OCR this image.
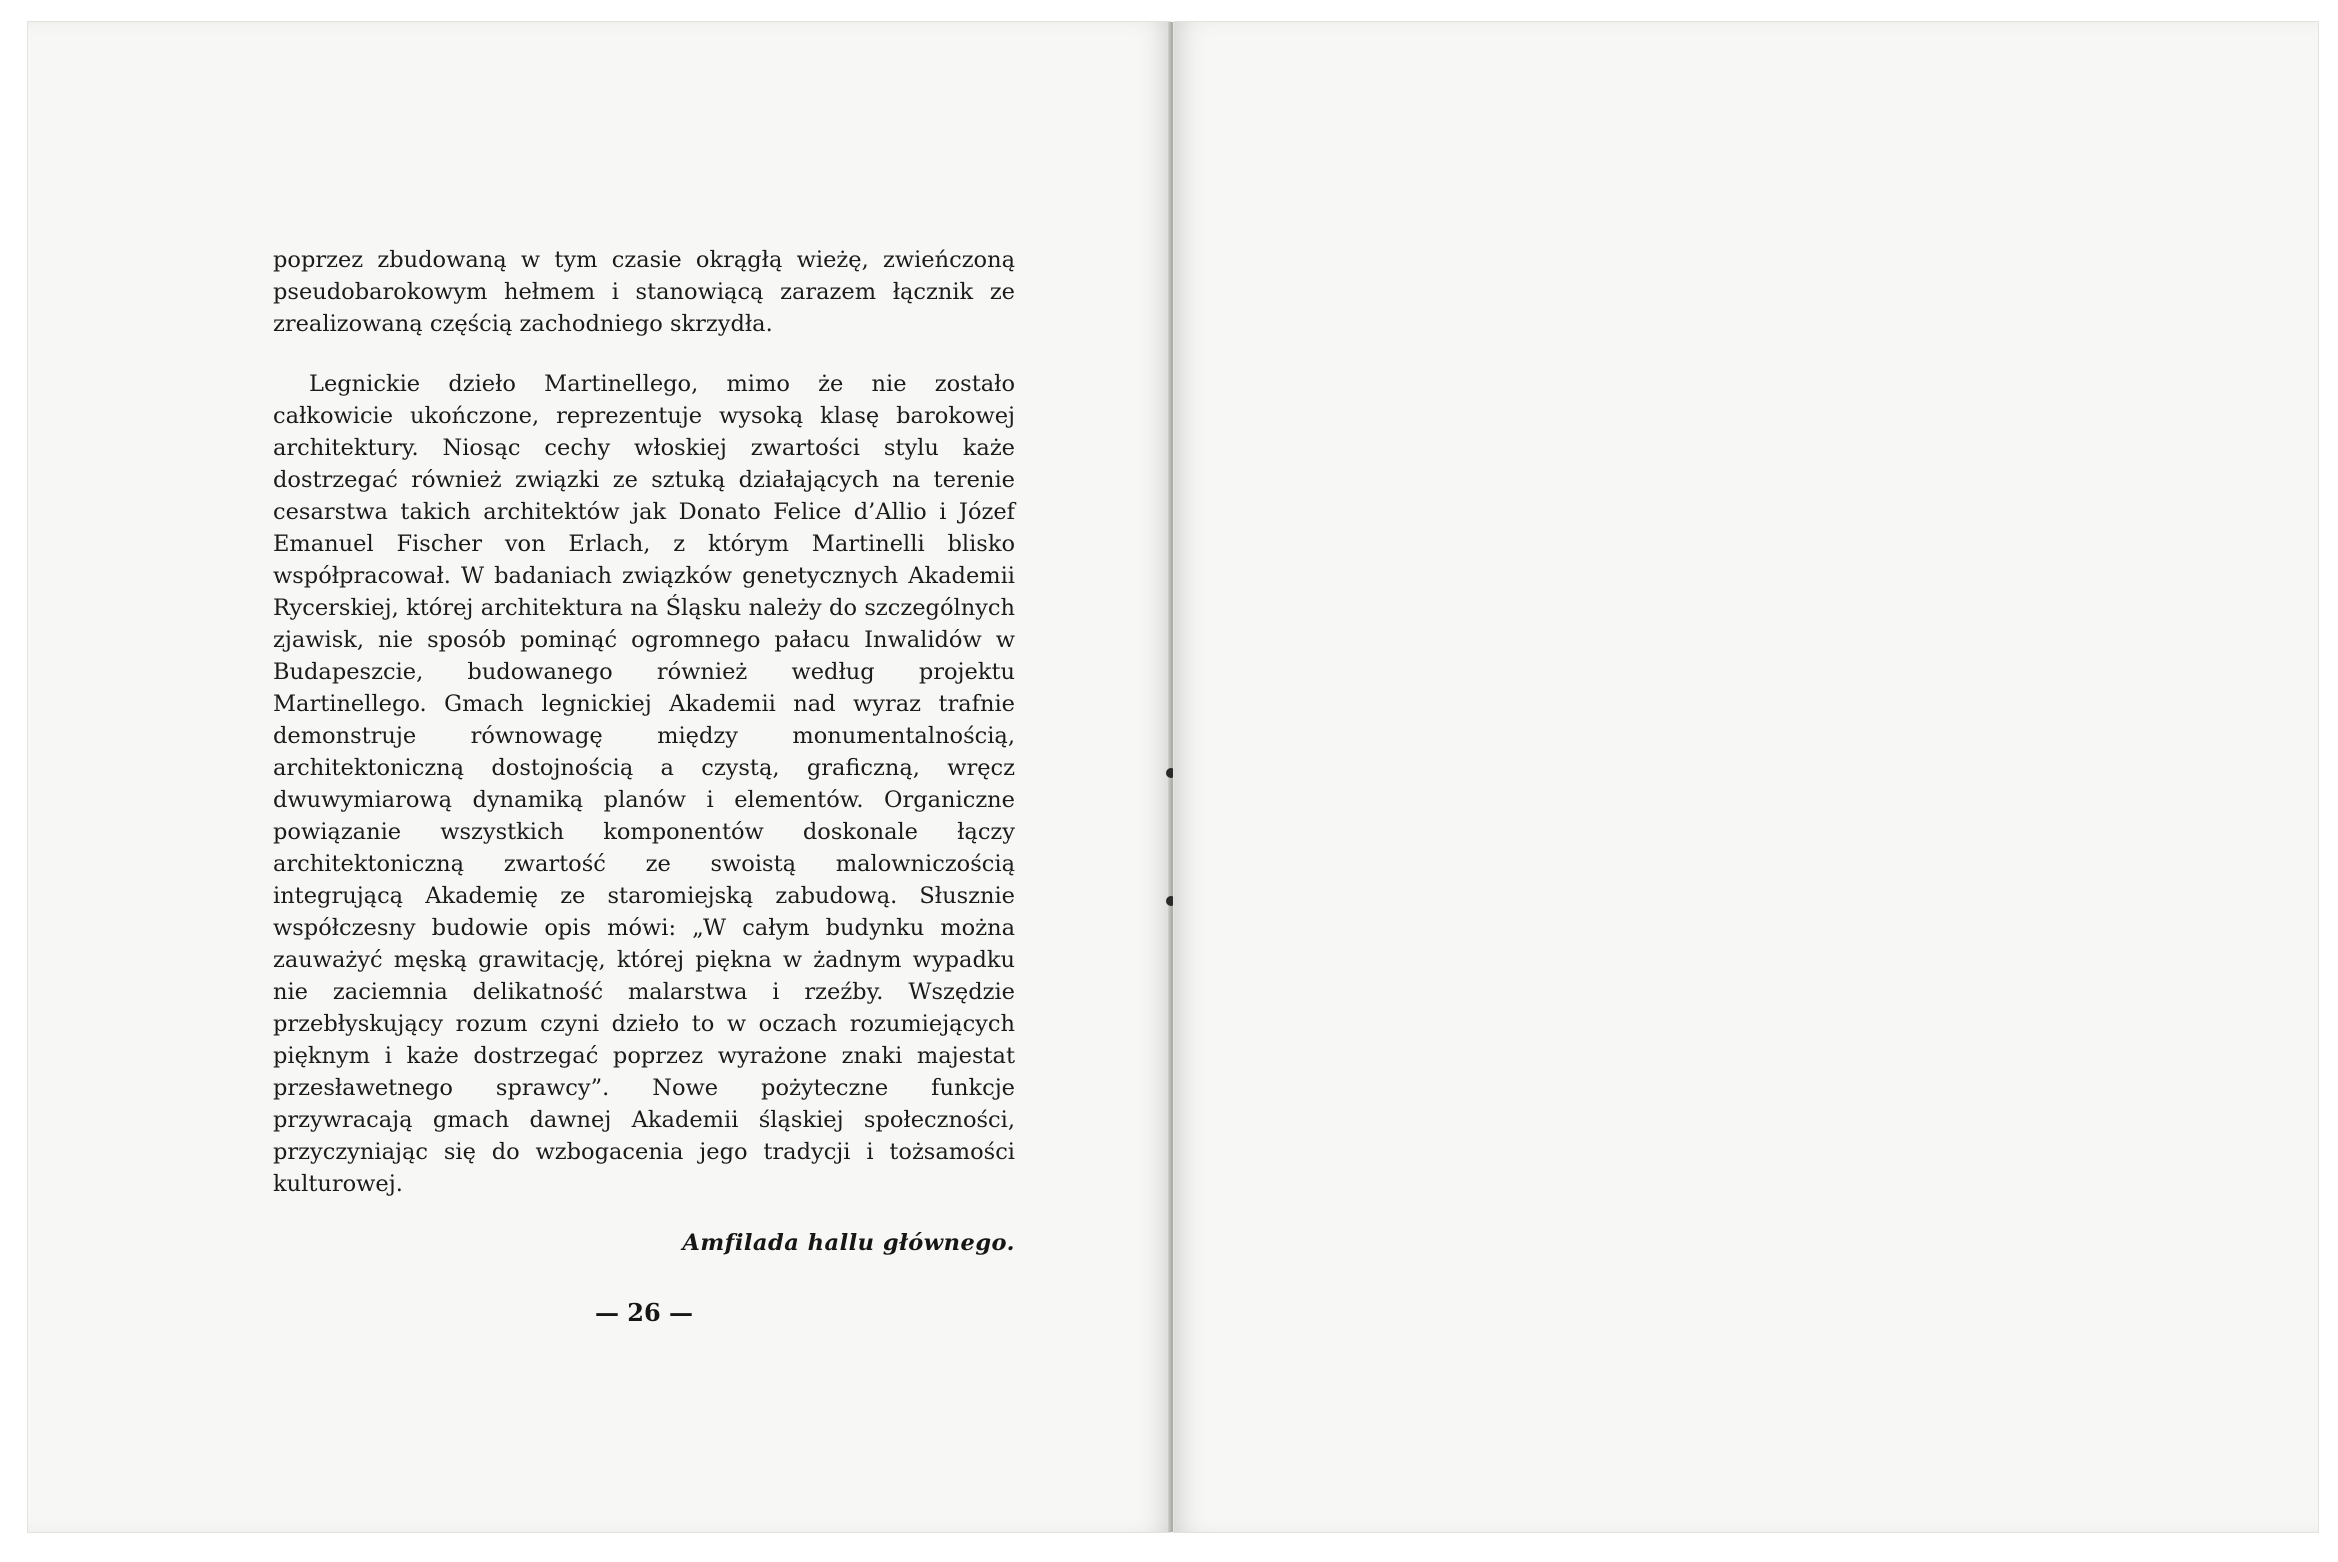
poprzez zbudowaną w tym czasie okrągłą wieżę, zwieńczoną pseudobarokowym hełmem i stanowiącą zarazem łącznik ze zrealizowaną częścią zachodniego skrzydła.

Legnickie dzieło Martinellego, mimo że nie zostało całkowicie ukończone, reprezentuje wysoką klasę barokowej architektury. Niosąc cechy włoskiej zwartości stylu każe dostrzegać również związki ze sztuką działających na terenie cesarstwa takich architektów jak Donato Felice d’Allio i Józef Emanuel Fischer von Erlach, z którym Martinelli blisko współpracował. W badaniach związków genetycznych Akademii Rycerskiej, której architektura na Śląsku należy do szczególnych zjawisk, nie sposób pominąć ogromnego pałacu Inwalidów w Budapeszcie, budowanego również według projektu Martinellego. Gmach legnickiej Akademii nad wyraz trafnie demonstruje równowagę między monumentalnością, architektoniczną dostojnością a czystą, graficzną, wręcz dwuwymiarową dynamiką planów i elementów. Organiczne powiązanie wszystkich komponentów doskonale łączy architektoniczną zwartość ze swoistą malowniczością integrującą Akademię ze staromiejską zabudową. Słusznie współczesny budowie opis mówi: „W całym budynku można zauważyć męską grawitację, której piękna w żadnym wypadku nie zaciemnia delikatność malarstwa i rzeźby. Wszędzie przebłyskujący rozum czyni dzieło to w oczach rozumiejących pięknym i każe dostrzegać poprzez wyrażone znaki majestat przesławetnego sprawcy”. Nowe pożyteczne funkcje przywracają gmach dawnej Akademii śląskiej społeczności, przyczyniając się do wzbogacenia jego tradycji i tożsamości kulturowej.

Amfilada hallu głównego.
— 26 —
